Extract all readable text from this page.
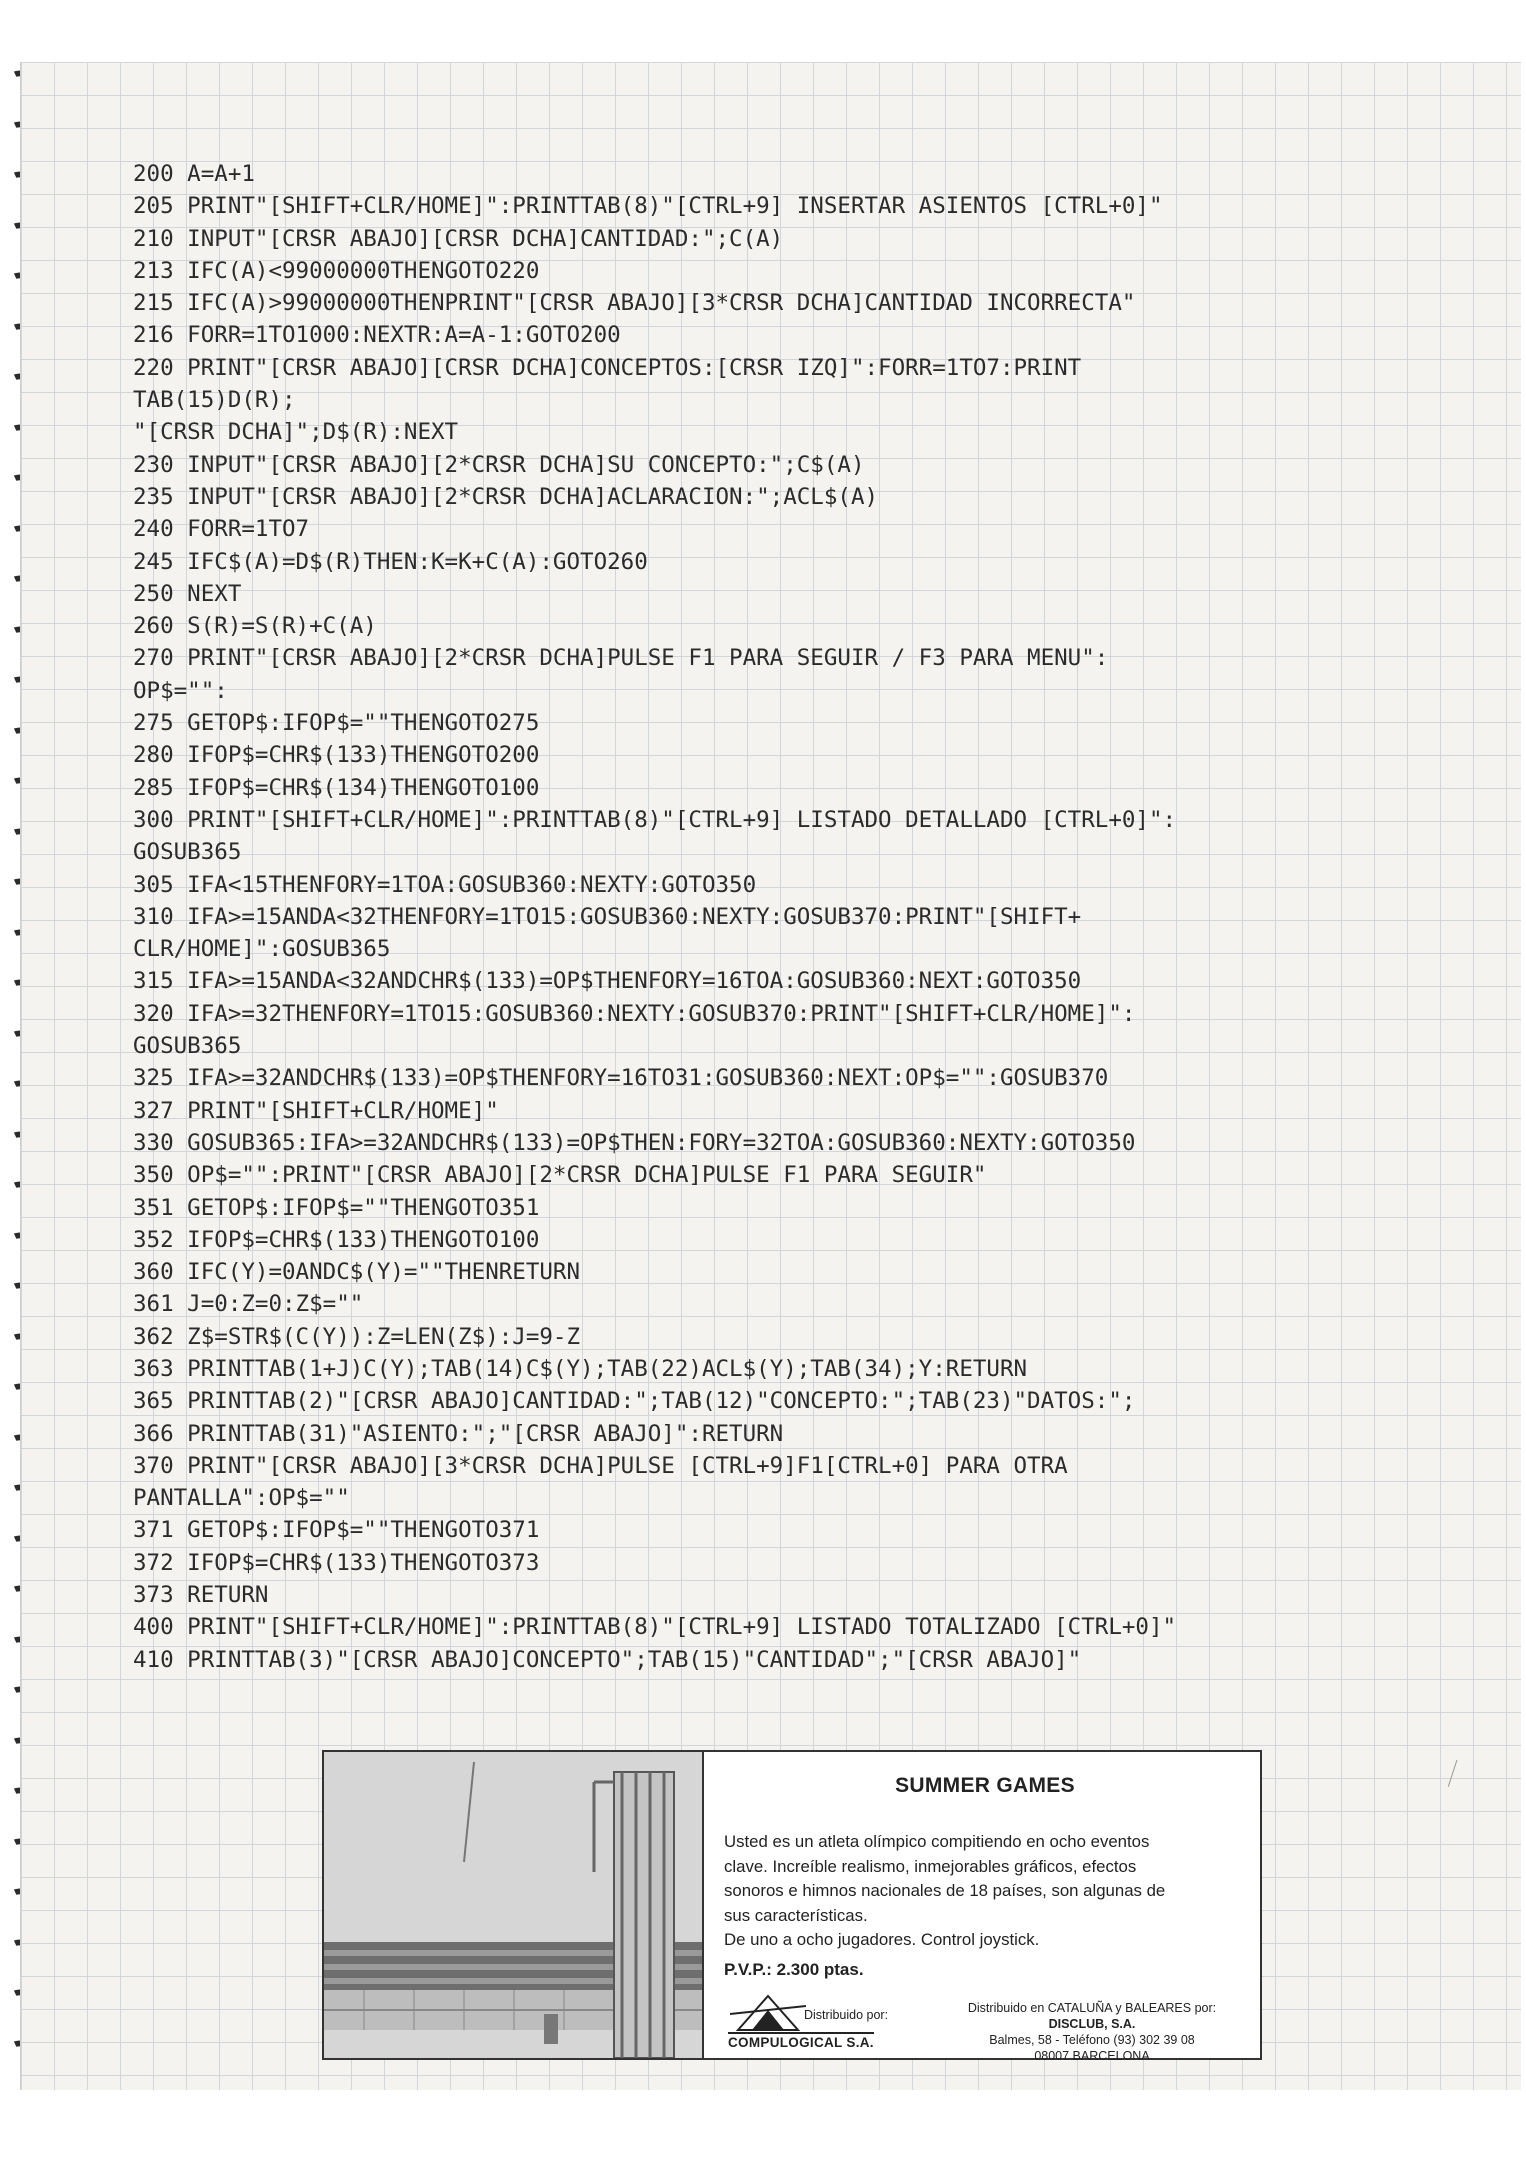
200 A=A+1
205 PRINT"[SHIFT+CLR/HOME]":PRINTTAB(8)"[CTRL+9] INSERTAR ASIENTOS [CTRL+0]"
210 INPUT"[CRSR ABAJO][CRSR DCHA]CANTIDAD:";C(A)
213 IFC(A)<99000000THENGOTO220
215 IFC(A)>99000000THENPRINT"[CRSR ABAJO][3*CRSR DCHA]CANTIDAD INCORRECTA"
216 FORR=1TO1000:NEXTR:A=A-1:GOTO200
220 PRINT"[CRSR ABAJO][CRSR DCHA]CONCEPTOS:[CRSR IZQ]":FORR=1TO7:PRINT
TAB(15)D(R);
"[CRSR DCHA]";D$(R):NEXT
230 INPUT"[CRSR ABAJO][2*CRSR DCHA]SU CONCEPTO:";C$(A)
235 INPUT"[CRSR ABAJO][2*CRSR DCHA]ACLARACION:";ACL$(A)
240 FORR=1TO7
245 IFC$(A)=D$(R)THEN:K=K+C(A):GOTO260
250 NEXT
260 S(R)=S(R)+C(A)
270 PRINT"[CRSR ABAJO][2*CRSR DCHA]PULSE F1 PARA SEGUIR / F3 PARA MENU":
OP$="":
275 GETOP$:IFOP$=""THENGOTO275
280 IFOP$=CHR$(133)THENGOTO200
285 IFOP$=CHR$(134)THENGOTO100
300 PRINT"[SHIFT+CLR/HOME]":PRINTTAB(8)"[CTRL+9] LISTADO DETALLADO [CTRL+0]":
GOSUB365
305 IFA<15THENFORY=1TOA:GOSUB360:NEXTY:GOTO350
310 IFA>=15ANDA<32THENFORY=1TO15:GOSUB360:NEXTY:GOSUB370:PRINT"[SHIFT+
CLR/HOME]":GOSUB365
315 IFA>=15ANDA<32ANDCHR$(133)=OP$THENFORY=16TOA:GOSUB360:NEXT:GOTO350
320 IFA>=32THENFORY=1TO15:GOSUB360:NEXTY:GOSUB370:PRINT"[SHIFT+CLR/HOME]":
GOSUB365
325 IFA>=32ANDCHR$(133)=OP$THENFORY=16TO31:GOSUB360:NEXT:OP$="":GOSUB370
327 PRINT"[SHIFT+CLR/HOME]"
330 GOSUB365:IFA>=32ANDCHR$(133)=OP$THEN:FORY=32TOA:GOSUB360:NEXTY:GOTO350
350 OP$="":PRINT"[CRSR ABAJO][2*CRSR DCHA]PULSE F1 PARA SEGUIR"
351 GETOP$:IFOP$=""THENGOTO351
352 IFOP$=CHR$(133)THENGOTO100
360 IFC(Y)=0ANDC$(Y)=""THENRETURN
361 J=0:Z=0:Z$=""
362 Z$=STR$(C(Y)):Z=LEN(Z$):J=9-Z
363 PRINTTAB(1+J)C(Y);TAB(14)C$(Y);TAB(22)ACL$(Y);TAB(34);Y:RETURN
365 PRINTTAB(2)"[CRSR ABAJO]CANTIDAD:";TAB(12)"CONCEPTO:";TAB(23)"DATOS:";
366 PRINTTAB(31)"ASIENTO:";"[CRSR ABAJO]":RETURN
370 PRINT"[CRSR ABAJO][3*CRSR DCHA]PULSE [CTRL+9]F1[CTRL+0] PARA OTRA
PANTALLA":OP$=""
371 GETOP$:IFOP$=""THENGOTO371
372 IFOP$=CHR$(133)THENGOTO373
373 RETURN
400 PRINT"[SHIFT+CLR/HOME]":PRINTTAB(8)"[CTRL+9] LISTADO TOTALIZADO [CTRL+0]"
410 PRINTTAB(3)"[CRSR ABAJO]CONCEPTO";TAB(15)"CANTIDAD";"[CRSR ABAJO]"
SUMMER GAMES
Usted es un atleta olímpico compitiendo en ocho eventos
clave. Increíble realismo, inmejorables gráficos, efectos
sonoros e himnos nacionales de 18 países, son algunas de
sus características.
De uno a ocho jugadores. Control joystick.
P.V.P.: 2.300 ptas.
Distribuido por:
COMPULOGICAL S.A.
Distribuido en CATALUÑA y BALEARES por:
DISCLUB, S.A.
Balmes, 58 - Teléfono (93) 302 39 08
08007 BARCELONA
